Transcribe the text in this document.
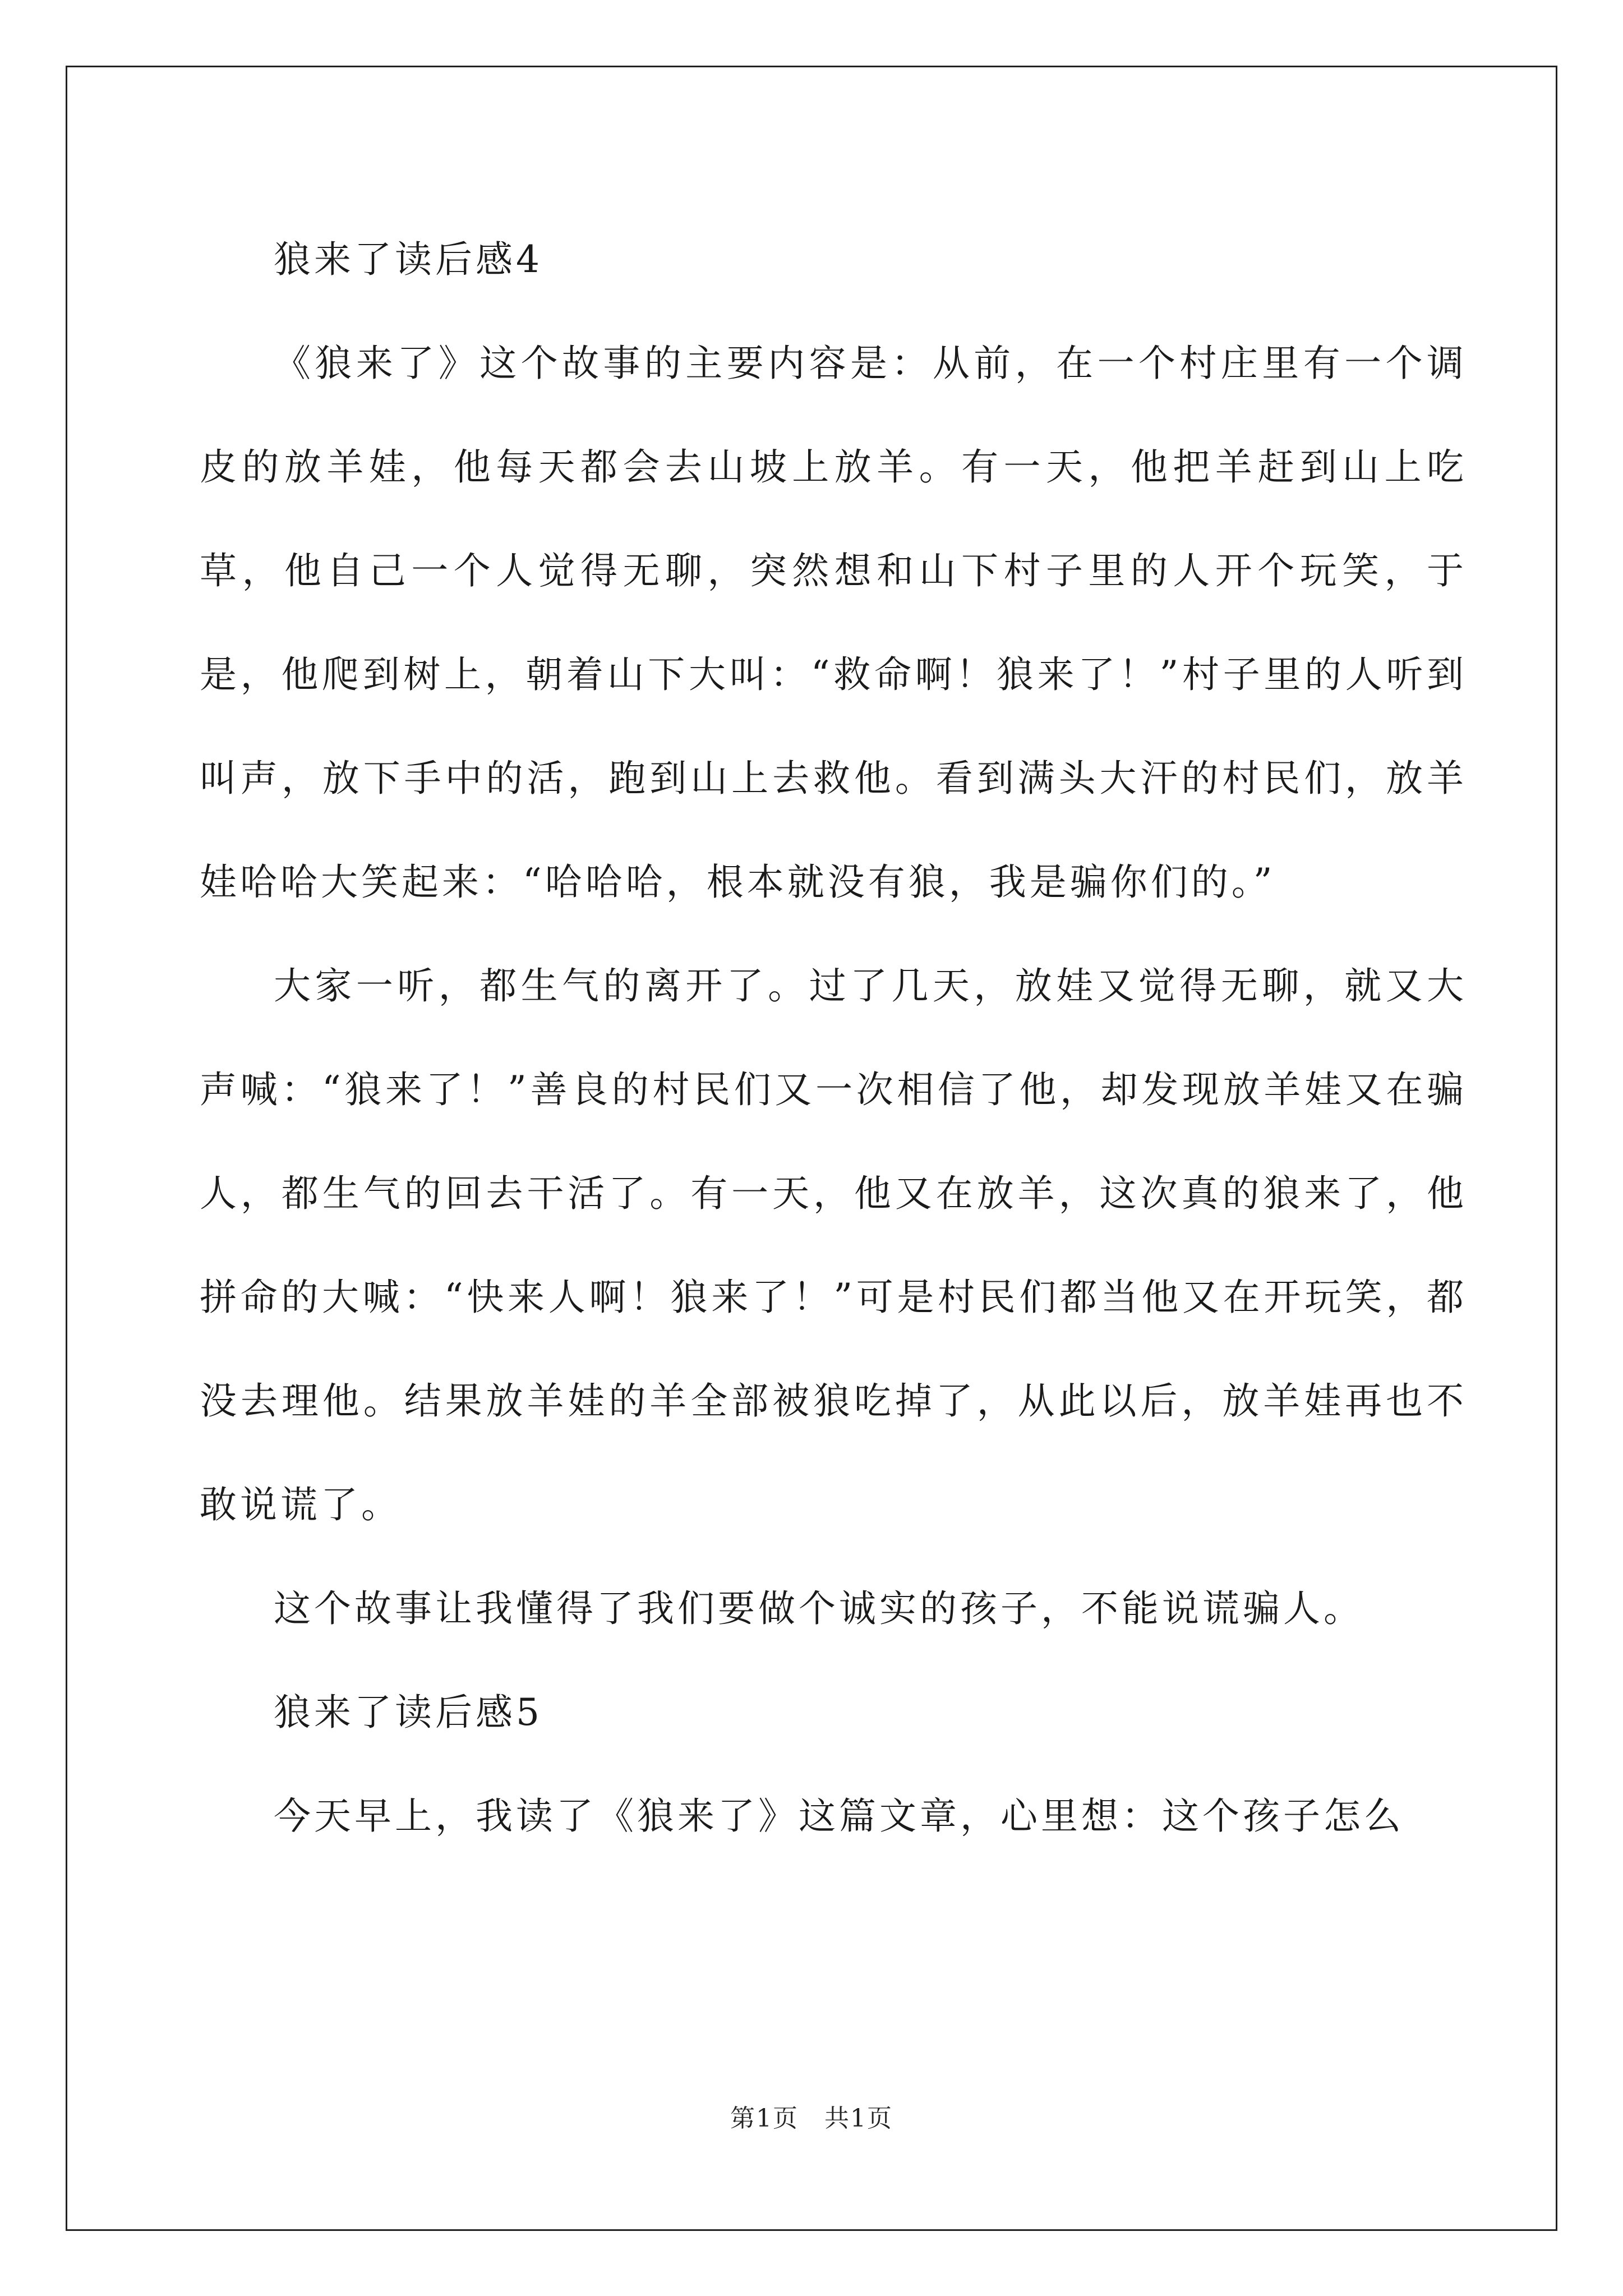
狼来了读后感4

《狼来了》这个故事的主要内容是：从前，在一个村庄里有一个调皮的放羊娃，他每天都会去山坡上放羊。有一天，他把羊赶到山上吃草，他自己一个人觉得无聊，突然想和山下村子里的人开个玩笑，于是，他爬到树上，朝着山下大叫：“救命啊！狼来了！”村子里的人听到叫声，放下手中的活，跑到山上去救他。看到满头大汗的村民们，放羊娃哈哈大笑起来：“哈哈哈，根本就没有狼，我是骗你们的。”

大家一听，都生气的离开了。过了几天，放娃又觉得无聊，就又大声喊：“狼来了！”善良的村民们又一次相信了他，却发现放羊娃又在骗人，都生气的回去干活了。有一天，他又在放羊，这次真的狼来了，他拼命的大喊：“快来人啊！狼来了！”可是村民们都当他又在开玩笑，都没去理他。结果放羊娃的羊全部被狼吃掉了，从此以后，放羊娃再也不敢说谎了。

这个故事让我懂得了我们要做个诚实的孩子，不能说谎骗人。

狼来了读后感5

今天早上，我读了《狼来了》这篇文章，心里想：这个孩子怎么

第1页　共1页
